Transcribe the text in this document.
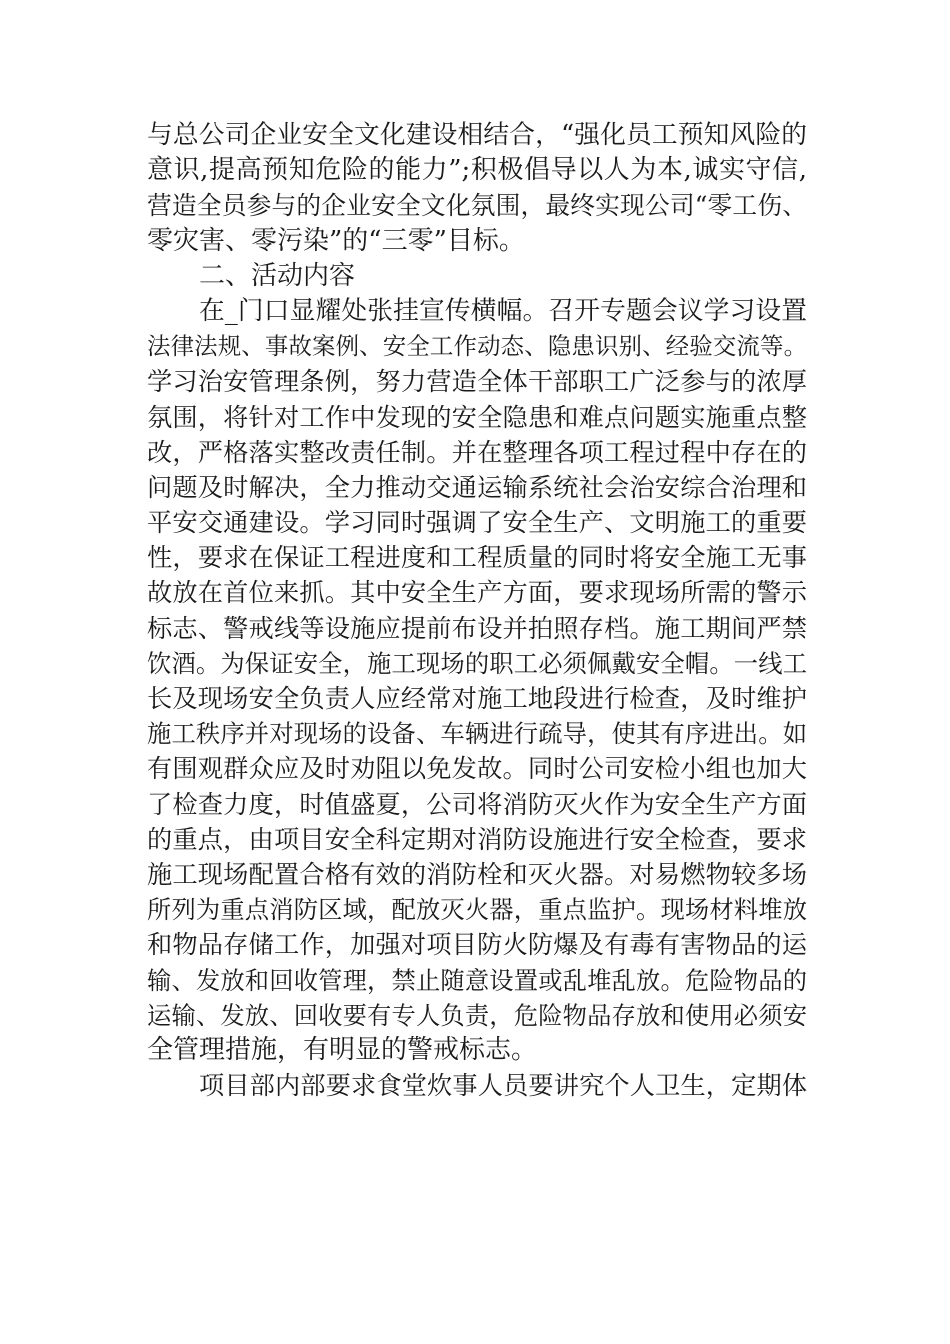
与总公司企业安全文化建设相结合，“强化员工预知风险的
意识,提高预知危险的能力”;积极倡导以人为本,诚实守信,
营造全员参与的企业安全文化氛围，最终实现公司“零工伤、
零灾害、零污染”的“三零”目标。
二、活动内容
在_门口显耀处张挂宣传横幅。召开专题会议学习设置
法律法规、事故案例、安全工作动态、隐患识别、经验交流等。
学习治安管理条例，努力营造全体干部职工广泛参与的浓厚
氛围，将针对工作中发现的安全隐患和难点问题实施重点整
改，严格落实整改责任制。并在整理各项工程过程中存在的
问题及时解决，全力推动交通运输系统社会治安综合治理和
平安交通建设。学习同时强调了安全生产、文明施工的重要
性，要求在保证工程进度和工程质量的同时将安全施工无事
故放在首位来抓。其中安全生产方面，要求现场所需的警示
标志、警戒线等设施应提前布设并拍照存档。施工期间严禁
饮酒。为保证安全，施工现场的职工必须佩戴安全帽。一线工
长及现场安全负责人应经常对施工地段进行检查，及时维护
施工秩序并对现场的设备、车辆进行疏导，使其有序进出。如
有围观群众应及时劝阻以免发故。同时公司安检小组也加大
了检查力度，时值盛夏，公司将消防灭火作为安全生产方面
的重点，由项目安全科定期对消防设施进行安全检查，要求
施工现场配置合格有效的消防栓和灭火器。对易燃物较多场
所列为重点消防区域，配放灭火器，重点监护。现场材料堆放
和物品存储工作，加强对项目防火防爆及有毒有害物品的运
输、发放和回收管理，禁止随意设置或乱堆乱放。危险物品的
运输、发放、回收要有专人负责，危险物品存放和使用必须安
全管理措施，有明显的警戒标志。
项目部内部要求食堂炊事人员要讲究个人卫生，定期体
